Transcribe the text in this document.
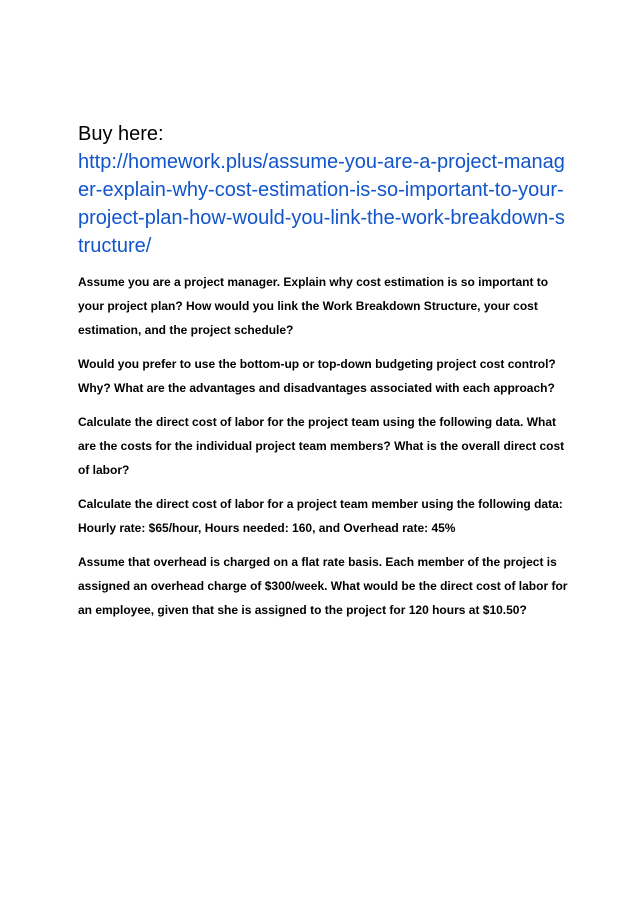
Buy here:

http://homework.plus/assume-you-are-a-project-manager-explain-why-cost-estimation-is-so-important-to-your-project-plan-how-would-you-link-the-work-breakdown-structure/

Assume you are a project manager. Explain why cost estimation is so important to your project plan? How would you link the Work Breakdown Structure, your cost estimation, and the project schedule?

Would you prefer to use the bottom-up or top-down budgeting project cost control? Why? What are the advantages and disadvantages associated with each approach?

Calculate the direct cost of labor for the project team using the following data. What are the costs for the individual project team members? What is the overall direct cost of labor?

Calculate the direct cost of labor for a project team member using the following data: Hourly rate: $65/hour, Hours needed: 160, and Overhead rate: 45%

Assume that overhead is charged on a flat rate basis. Each member of the project is assigned an overhead charge of $300/week. What would be the direct cost of labor for an employee, given that she is assigned to the project for 120 hours at $10.50?
